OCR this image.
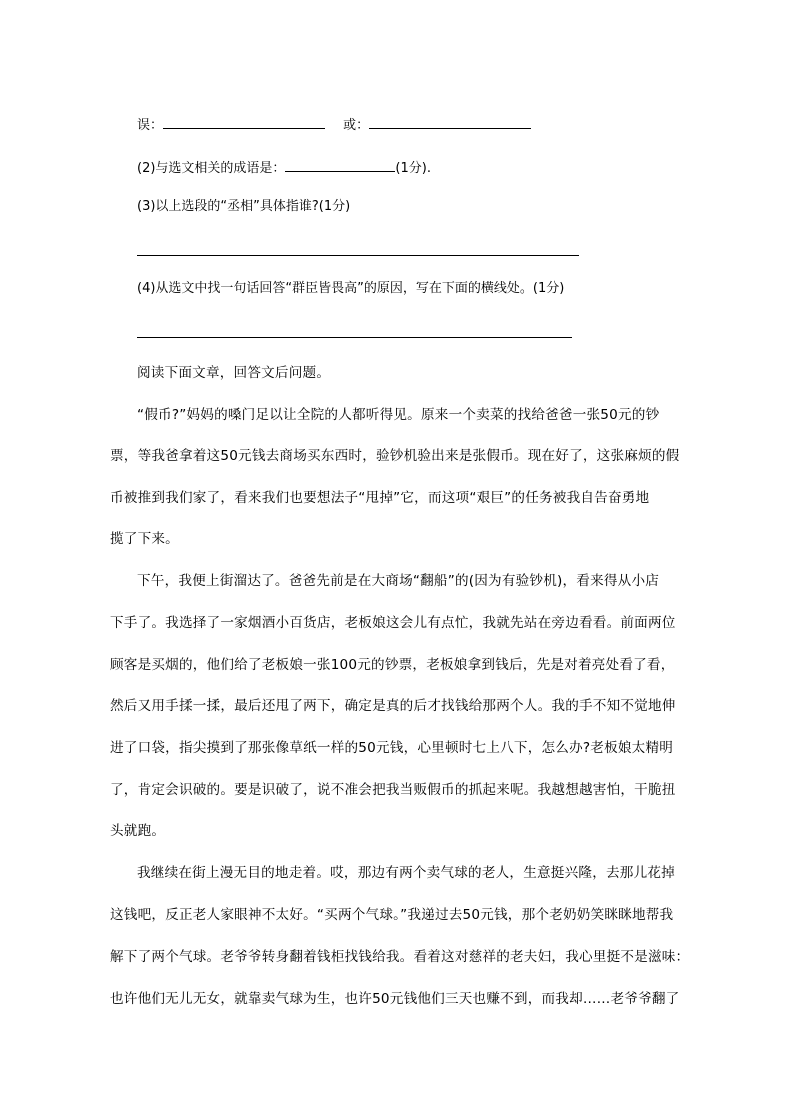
误：	或：
(2)与选文相关的成语是：	(1分).
(3)以上选段的“丞相”具体指谁?(1分)
(4)从选文中找一句话回答“群臣皆畏高”的原因，写在下面的横线处。(1分)
阅读下面文章，回答文后问题。
“假币?”妈妈的嗓门足以让全院的人都听得见。原来一个卖菜的找给爸爸一张50元的钞
票，等我爸拿着这50元钱去商场买东西时，验钞机验出来是张假币。现在好了，这张麻烦的假
币被推到我们家了，看来我们也要想法子“甩掉”它，而这项“艰巨”的任务被我自告奋勇地
揽了下来。
下午，我便上街溜达了。爸爸先前是在大商场“翻船”的(因为有验钞机)，看来得从小店
下手了。我选择了一家烟酒小百货店，老板娘这会儿有点忙，我就先站在旁边看看。前面两位
顾客是买烟的，他们给了老板娘一张100元的钞票，老板娘拿到钱后，先是对着亮处看了看，
然后又用手揉一揉，最后还甩了两下，确定是真的后才找钱给那两个人。我的手不知不觉地伸
进了口袋，指尖摸到了那张像草纸一样的50元钱，心里顿时七上八下，怎么办?老板娘太精明
了，肯定会识破的。要是识破了，说不准会把我当贩假币的抓起来呢。我越想越害怕，干脆扭
头就跑。
我继续在街上漫无目的地走着。哎，那边有两个卖气球的老人，生意挺兴隆，去那儿花掉
这钱吧，反正老人家眼神不太好。“买两个气球。”我递过去50元钱，那个老奶奶笑眯眯地帮我
解下了两个气球。老爷爷转身翻着钱柜找钱给我。看着这对慈祥的老夫妇，我心里挺不是滋味：
也许他们无儿无女，就靠卖气球为生，也许50元钱他们三天也赚不到，而我却……老爷爷翻了
